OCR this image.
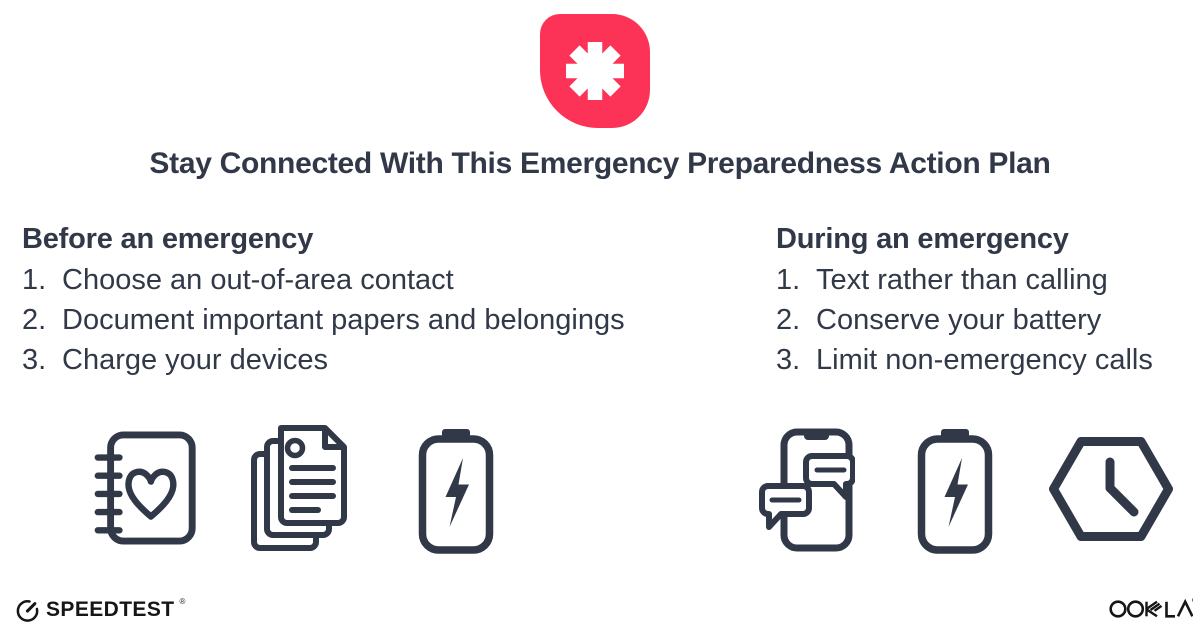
Stay Connected With This Emergency Preparedness Action Plan
Before an emergency
1. Choose an out-of-area contact
2. Document important papers and belongings
3. Charge your devices
During an emergency
1. Text rather than calling
2. Conserve your battery
3. Limit non-emergency calls
SPEEDTEST ®
